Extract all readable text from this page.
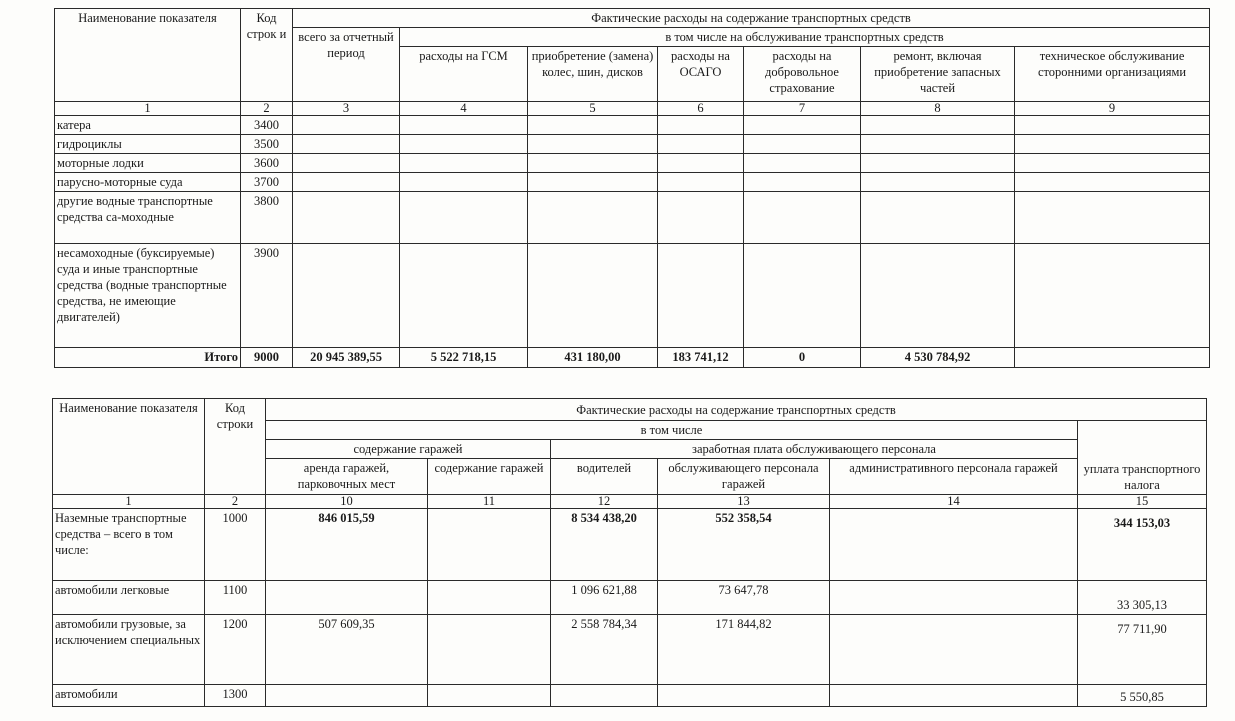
Наименование показателя	Код строк и	Фактические расходы на содержание транспортных средств						
		всего за отчетный период	в том числе на обслуживание транспортных средств					
			расходы на ГСМ	приобретение (замена) колес, шин, дисков	расходы на ОСАГО	расходы на добровольное страхование	ремонт, включая приобретение запасных частей	техническое обслуживание сторонними организациями
1	2	3	4	5	6	7	8	9
катера	3400							
гидроциклы	3500							
моторные лодки	3600							
парусно-моторные суда	3700							
другие водные транспортные средства са-моходные	3800							
несамоходные (буксируемые) суда и иные транспортные средства (водные транспортные средства, не имеющие двигателей)	3900							
Итого	9000	20 945 389,55	5 522 718,15	431 180,00	183 741,12	0	4 530 784,92	
Наименование показателя	Код строки	Фактические расходы на содержание транспортных средств					
		в том числе					уплата транспортного налога
		содержание гаражей		заработная плата обслуживающего персонала			
		аренда гаражей, парковочных мест	содержание гаражей	водителей	обслуживающего персонала гаражей	административного персонала гаражей	
1	2	10	11	12	13	14	15
Наземные транспортные средства – всего в том числе:	1000	846 015,59		8 534 438,20	552 358,54		344 153,03
автомобили легковые	1100			1 096 621,88	73 647,78		33 305,13
автомобили грузовые, за исключением специальных	1200	507 609,35		2 558 784,34	171 844,82		77 711,90
автомобили	1300						5 550,85
